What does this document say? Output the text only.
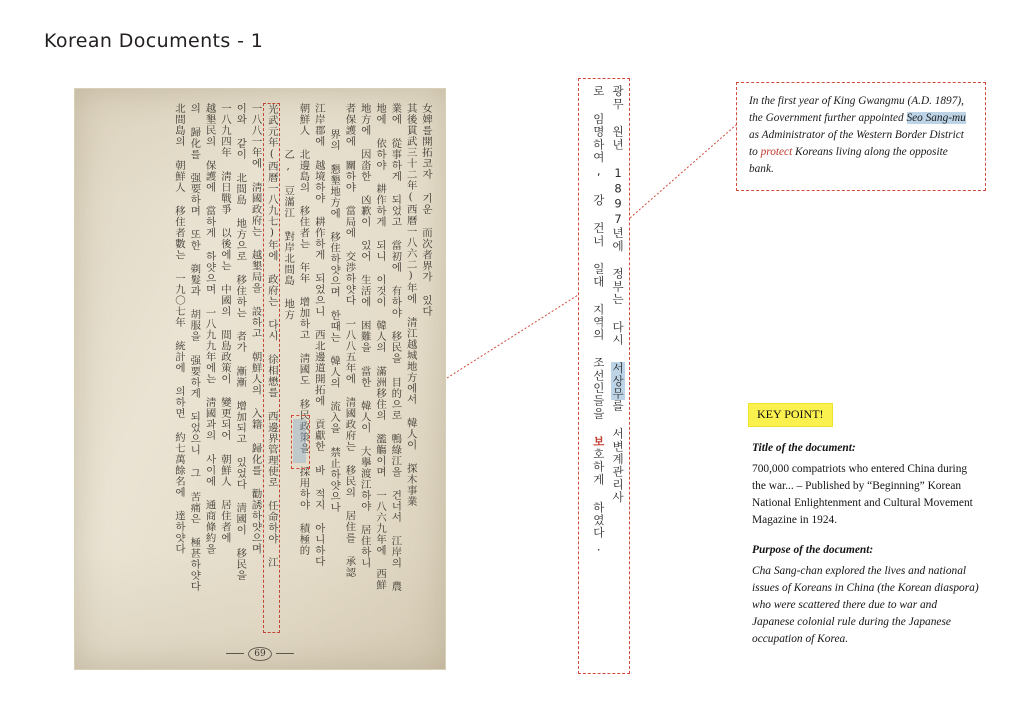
Korean Documents - 1
女婢를開拓코자 기운 而次者界가 있다
其後貫武三十二年(西曆一八六二)年에 清江越城地方에서 韓人이 探木事業
業에 從事하게 되었고 當初에 有하야 移民을 目的으로 鴨綠江을 건너서 江岸의 農
地에 依하야 耕作하게 되니 이것이 韓人의 滿洲移住의 濫觴이며 一八六九年에 西鮮
地方에 因畓한 凶歉이 있어 生活에 困難을 當한 韓人이 大擧渡江하야 居住하니
者保護에 關하야 當局에 交渉하얏다 一八八五年에 清國政府는 移民의 居住를 承認
界의 懇墾地方에 移住하얏으며 한때는 韓人의 流入을 禁止하얏으나
江岸郡에 越境하야 耕作하게 되었으니 西北邊道開拓에 貢獻한 바 적지 아니하다
朝鮮人 北邊島의 移住者는 年年 增加하고 淸國도 移民政策을 採用하야 積極的
乙, 豆滿江 對岸北間島 地方
光武元年(西曆一八九七)年에 政府는 다시 徐相懋를 西邊界管理使로 任命하야 江
一八八一年에 淸國政府는 越墾局을 設하고 朝鮮人의 入籍 歸化를 勸誘하얏으며
이와 같이 北間島 地方으로 移住하는 者가 漸漸 增加되고 있었다 淸國이 移民을
一八九四年 淸日戰爭 以後에는 中國의 間島政策이 變更되어 朝鮮人 居住者에
越墾民의 保護에 當하게 하얏으며 一八九九年에는 淸國과의 사이에 通商條約을
의 歸化를 强要하며 또한 剃髮과 胡服을 强要하게 되었으니 그 苦痛은 極甚하얏다
北間島의 朝鮮人 移住者數는 一九〇七年 統計에 의하면 約七萬餘名에 達하얏다
69
광무 원년 1897년에 정부는 다시 서상무를 서변계관리사
로 임명하여, 강 건너 일대 지역의 조선인들을 보호하게 하였다.
In the first year of King Gwangmu (A.D. 1897), the Government further appointed Seo Sang-mu as Administrator of the Western Border District to protect Koreans living along the opposite bank.
KEY POINT!
Title of the document:

700,000 compatriots who entered China during the war... – Published by “Beginning” Korean National Enlightenment and Cultural Movement Magazine in 1924.

Purpose of the document:

Cha Sang-chan explored the lives and national issues of Koreans in China (the Korean diaspora) who were scattered there due to war and Japanese colonial rule during the Japanese occupation of Korea.
